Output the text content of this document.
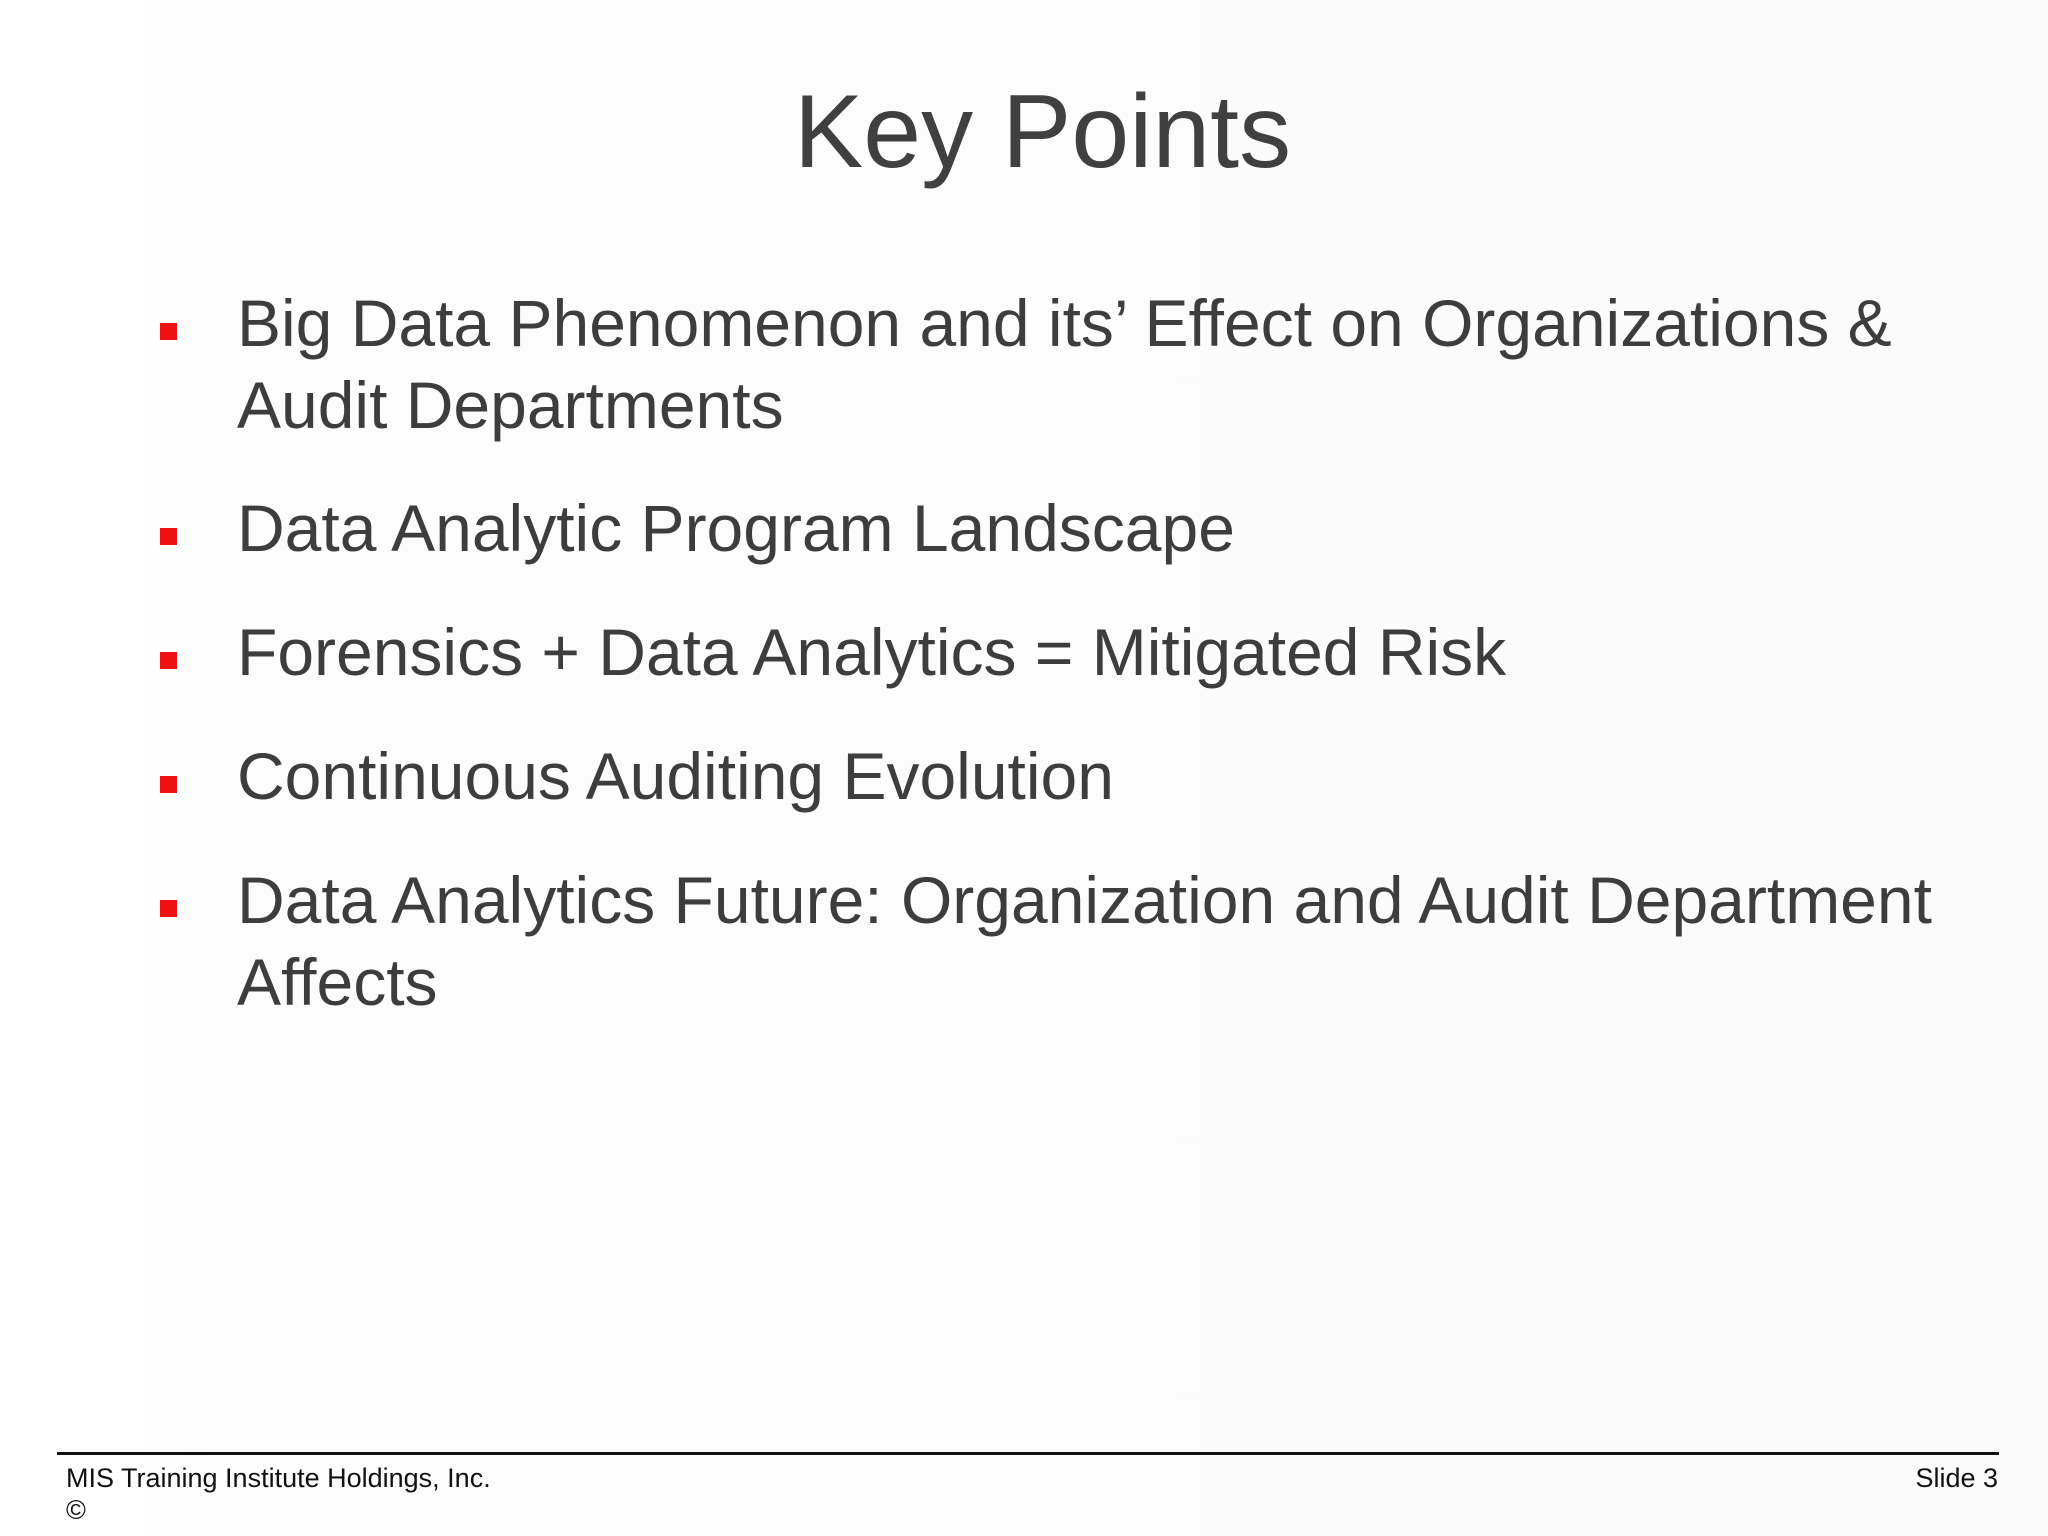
Key Points
Big Data Phenomenon and its’ Effect on Organizations & Audit Departments
Data Analytic Program Landscape
Forensics + Data Analytics = Mitigated Risk
Continuous Auditing Evolution
Data Analytics Future: Organization and Audit Department Affects
MIS Training Institute Holdings, Inc.
©
Slide 3
